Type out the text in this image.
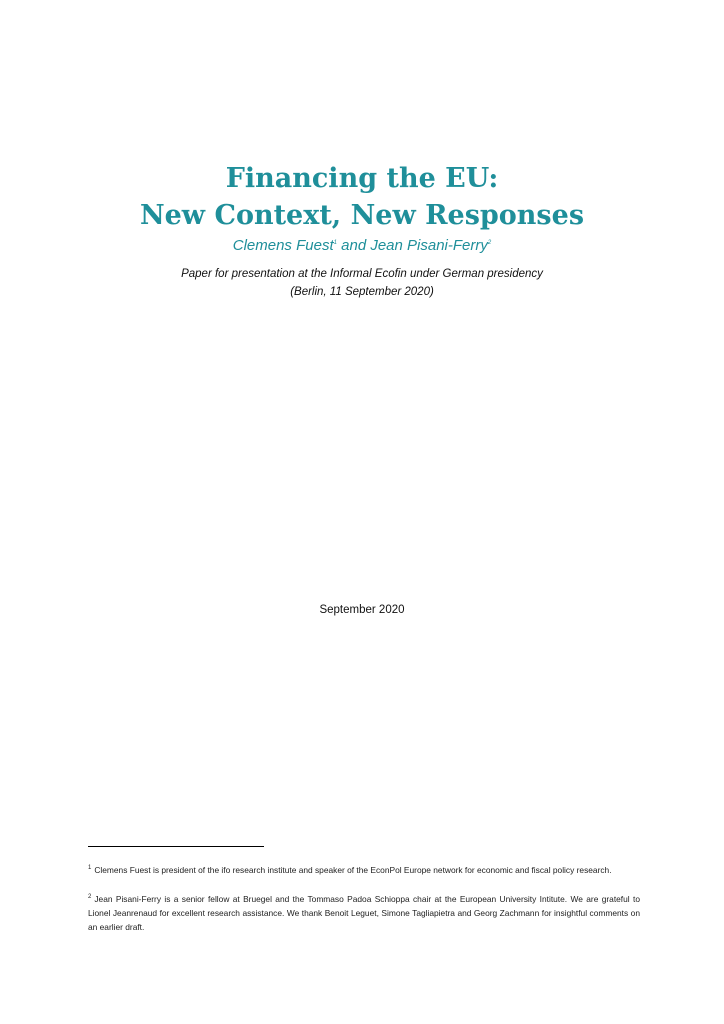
Financing the EU:
New Context, New Responses
Clemens Fuest$^1$ and Jean Pisani-Ferry$^2$
Paper for presentation at the Informal Ecofin under German presidency
(Berlin, 11 September 2020)
September 2020
$^1$ Clemens Fuest is president of the ifo research institute and speaker of the EconPol Europe network for economic and fiscal policy research.
$^2$ Jean Pisani-Ferry is a senior fellow at Bruegel and the Tommaso Padoa Schioppa chair at the European University Intitute. We are grateful to Lionel Jeanrenaud for excellent research assistance. We thank Benoit Leguet, Simone Tagliapietra and Georg Zachmann for insightful comments on an earlier draft.
